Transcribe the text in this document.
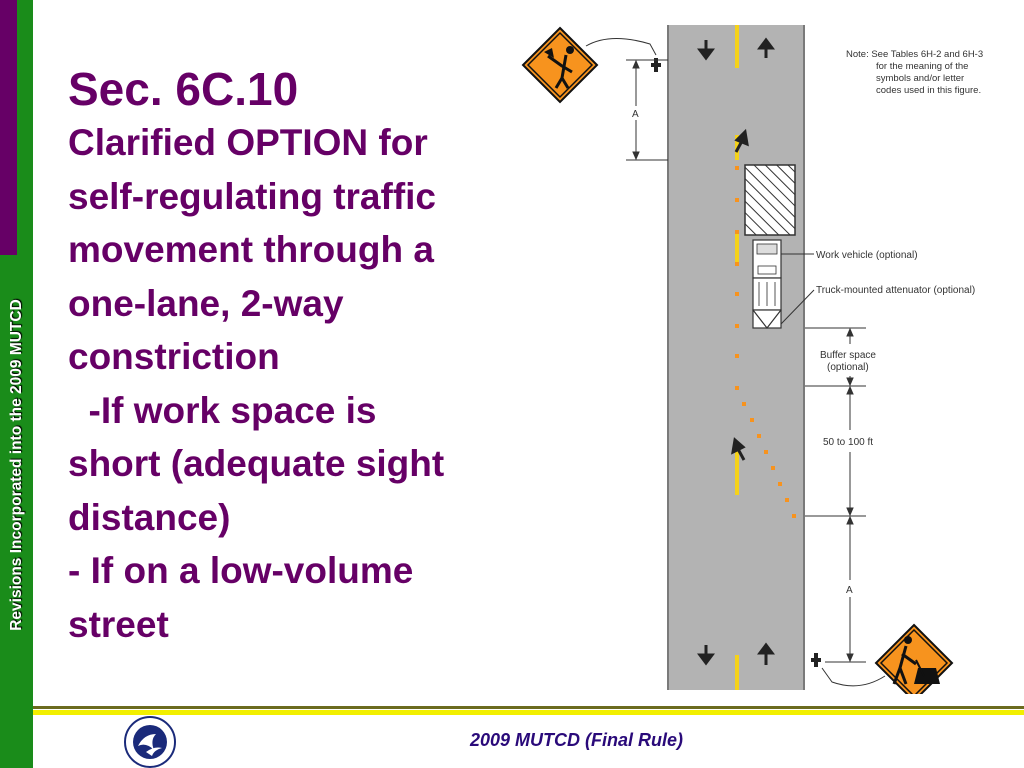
Revisions Incorporated into the 2009 MUTCD
Sec. 6C.10
Clarified OPTION for
self-regulating traffic
movement through a
one-lane, 2-way
constriction
-If work space is
short (adequate sight
distance)
- If on a low-volume
street
A
Buffer space
(optional)
50 to 100 ft
A
Work vehicle (optional)
Truck-mounted attenuator (optional)
Note: See Tables 6H-2 and 6H-3
for the meaning of the
symbols and/or letter
codes used in this figure.
2009 MUTCD (Final Rule)
